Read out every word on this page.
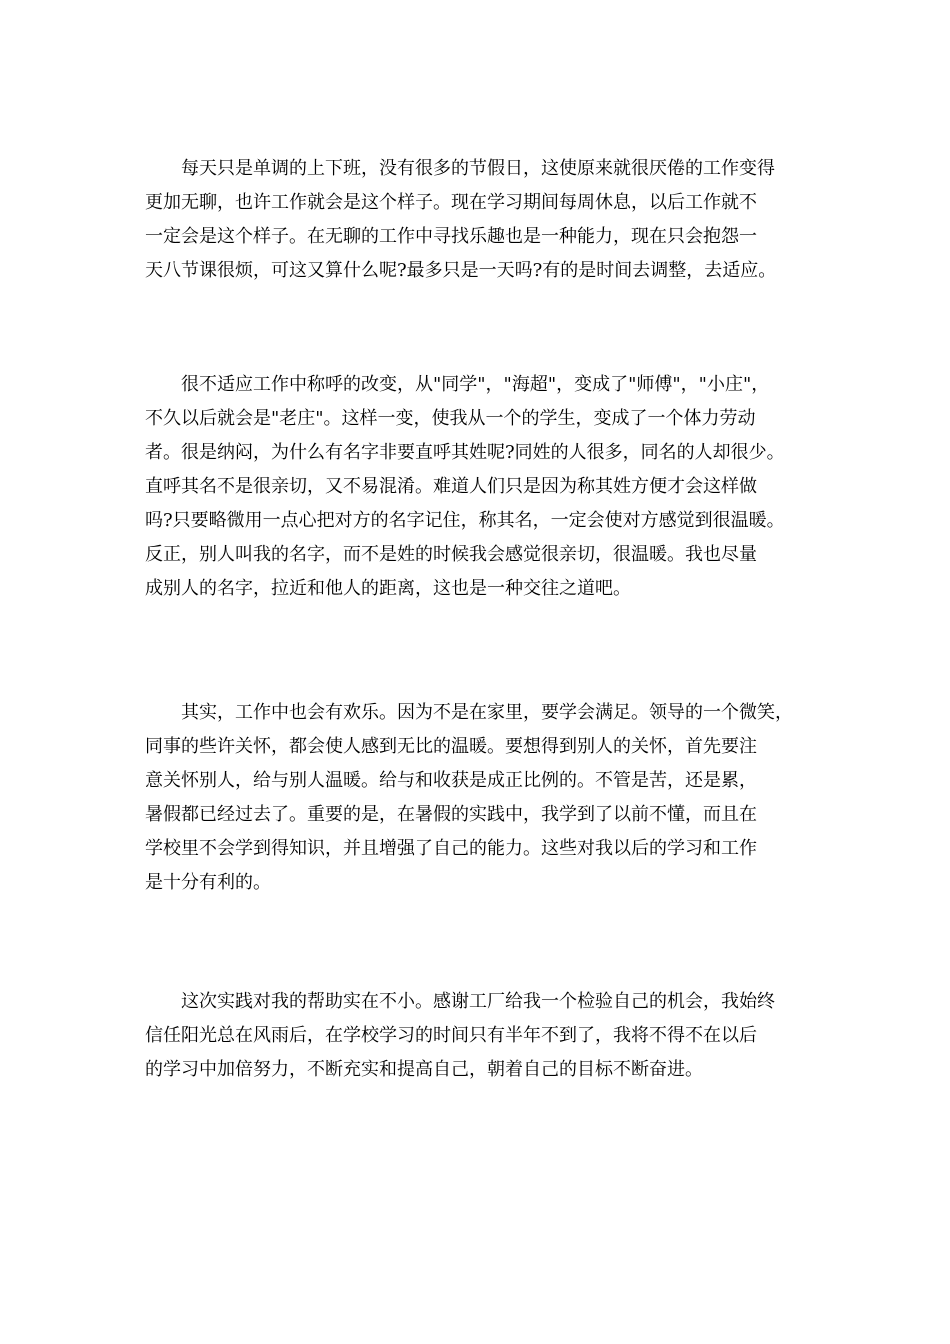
　　每天只是单调的上下班，没有很多的节假日，这使原来就很厌倦的工作变得
更加无聊，也许工作就会是这个样子。现在学习期间每周休息，以后工作就不
一定会是这个样子。在无聊的工作中寻找乐趣也是一种能力，现在只会抱怨一
天八节课很烦，可这又算什么呢?最多只是一天吗?有的是时间去调整，去适应。
　　很不适应工作中称呼的改变，从"同学"，"海超"，变成了"师傅"，"小庄"，
不久以后就会是"老庄"。这样一变，使我从一个的学生，变成了一个体力劳动
者。很是纳闷，为什么有名字非要直呼其姓呢?同姓的人很多，同名的人却很少。
直呼其名不是很亲切，又不易混淆。难道人们只是因为称其姓方便才会这样做
吗?只要略微用一点心把对方的名字记住，称其名，一定会使对方感觉到很温暖。
反正，别人叫我的名字，而不是姓的时候我会感觉很亲切，很温暖。我也尽量
成别人的名字，拉近和他人的距离，这也是一种交往之道吧。
　　其实，工作中也会有欢乐。因为不是在家里，要学会满足。领导的一个微笑，
同事的些许关怀，都会使人感到无比的温暖。要想得到别人的关怀，首先要注
意关怀别人，给与别人温暖。给与和收获是成正比例的。不管是苦，还是累，
暑假都已经过去了。重要的是，在暑假的实践中，我学到了以前不懂，而且在
学校里不会学到得知识，并且增强了自己的能力。这些对我以后的学习和工作
是十分有利的。
　　这次实践对我的帮助实在不小。感谢工厂给我一个检验自己的机会，我始终
信任阳光总在风雨后，在学校学习的时间只有半年不到了，我将不得不在以后
的学习中加倍努力，不断充实和提高自己，朝着自己的目标不断奋进。
